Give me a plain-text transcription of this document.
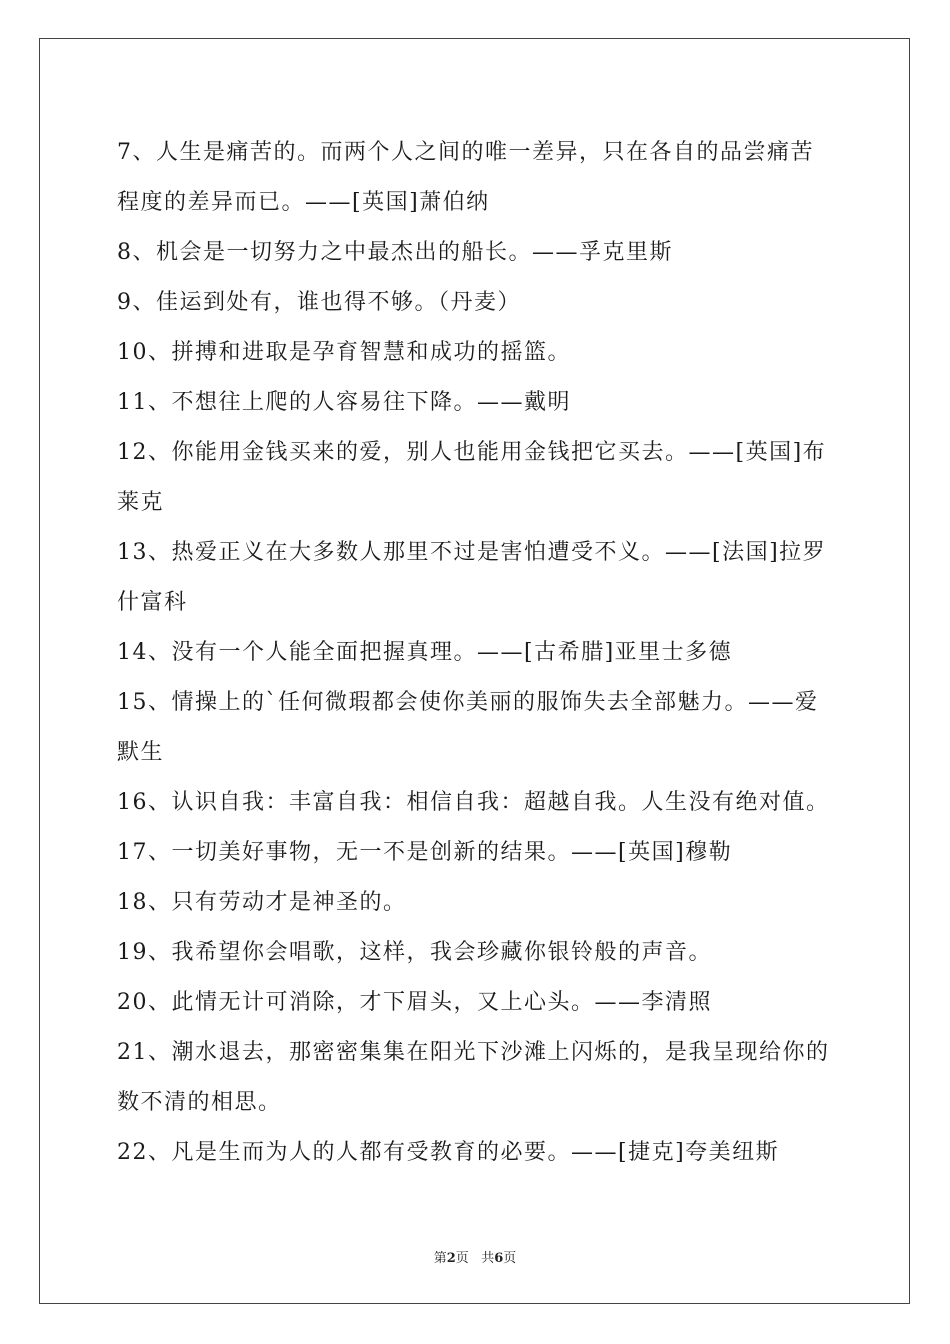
7、人生是痛苦的。而两个人之间的唯一差异，只在各自的品尝痛苦
程度的差异而已。——[英国]萧伯纳
8、机会是一切努力之中最杰出的船长。——孚克里斯
9、佳运到处有，谁也得不够。（丹麦）
10、拼搏和进取是孕育智慧和成功的摇篮。
11、不想往上爬的人容易往下降。——戴明
12、你能用金钱买来的爱，别人也能用金钱把它买去。——[英国]布
莱克
13、热爱正义在大多数人那里不过是害怕遭受不义。——[法国]拉罗
什富科
14、没有一个人能全面把握真理。——[古希腊]亚里士多德
15、情操上的`任何微瑕都会使你美丽的服饰失去全部魅力。——爱
默生
16、认识自我：丰富自我：相信自我：超越自我。人生没有绝对值。
17、一切美好事物，无一不是创新的结果。——[英国]穆勒
18、只有劳动才是神圣的。
19、我希望你会唱歌，这样，我会珍藏你银铃般的声音。
20、此情无计可消除，才下眉头，又上心头。——李清照
21、潮水退去，那密密集集在阳光下沙滩上闪烁的，是我呈现给你的
数不清的相思。
22、凡是生而为人的人都有受教育的必要。——[捷克]夸美纽斯
第2页 共6页
